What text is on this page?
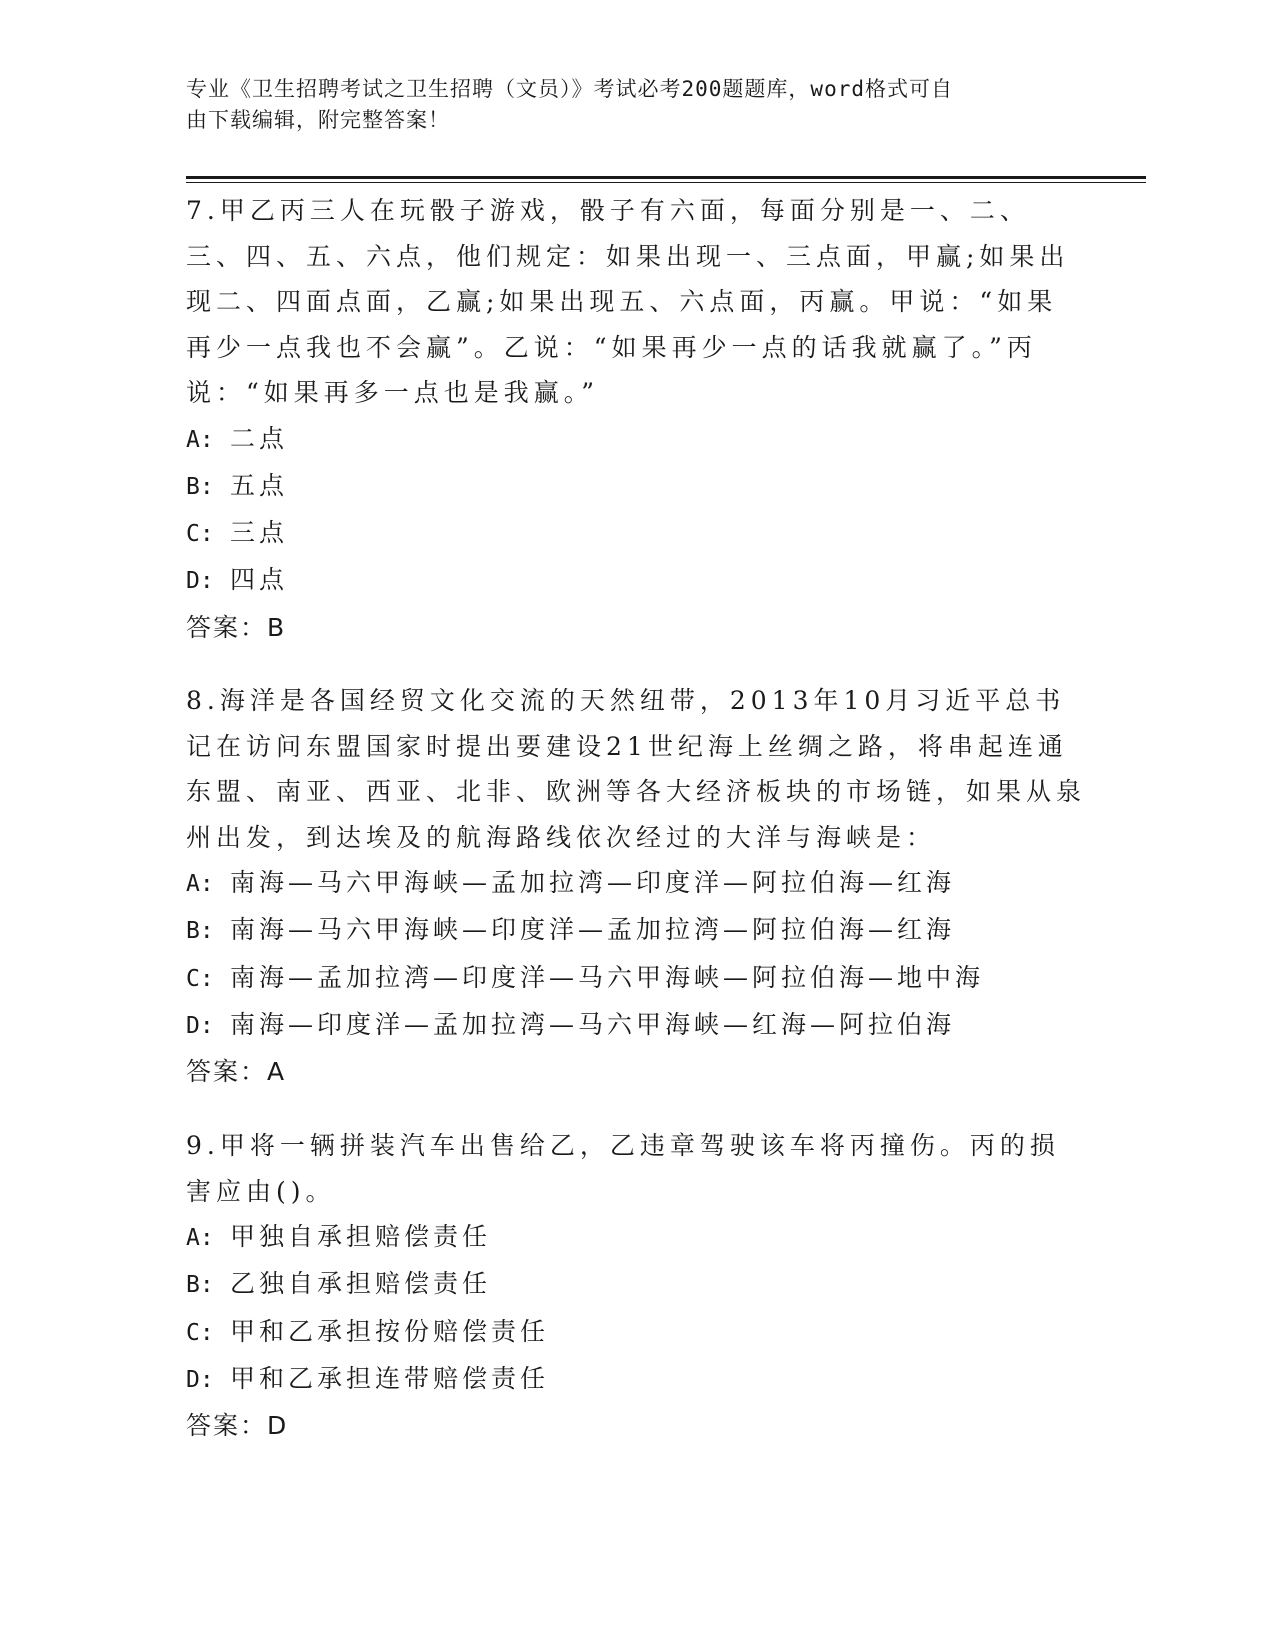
专业《卫生招聘考试之卫生招聘（文员）》考试必考200题题库，word格式可自
由下载编辑，附完整答案！

7.甲乙丙三人在玩骰子游戏，骰子有六面，每面分别是一、二、三、四、五、六点，他们规定：如果出现一、三点面，甲赢;如果出现二、四面点面，乙赢;如果出现五、六点面，丙赢。甲说：“如果再少一点我也不会赢”。乙说：“如果再少一点的话我就赢了。”丙说：“如果再多一点也是我赢。”

A: 二点
B: 五点
C: 三点
D: 四点
答案：B

8.海洋是各国经贸文化交流的天然纽带，2013年10月习近平总书记在访问东盟国家时提出要建设21世纪海上丝绸之路，将串起连通东盟、南亚、西亚、北非、欧洲等各大经济板块的市场链，如果从泉州出发，到达埃及的航海路线依次经过的大洋与海峡是：

A: 南海—马六甲海峡—孟加拉湾—印度洋—阿拉伯海—红海
B: 南海—马六甲海峡—印度洋—孟加拉湾—阿拉伯海—红海
C: 南海—孟加拉湾—印度洋—马六甲海峡—阿拉伯海—地中海
D: 南海—印度洋—孟加拉湾—马六甲海峡—红海—阿拉伯海
答案：A

9.甲将一辆拼装汽车出售给乙，乙违章驾驶该车将丙撞伤。丙的损害应由()。

A: 甲独自承担赔偿责任
B: 乙独自承担赔偿责任
C: 甲和乙承担按份赔偿责任
D: 甲和乙承担连带赔偿责任
答案：D
